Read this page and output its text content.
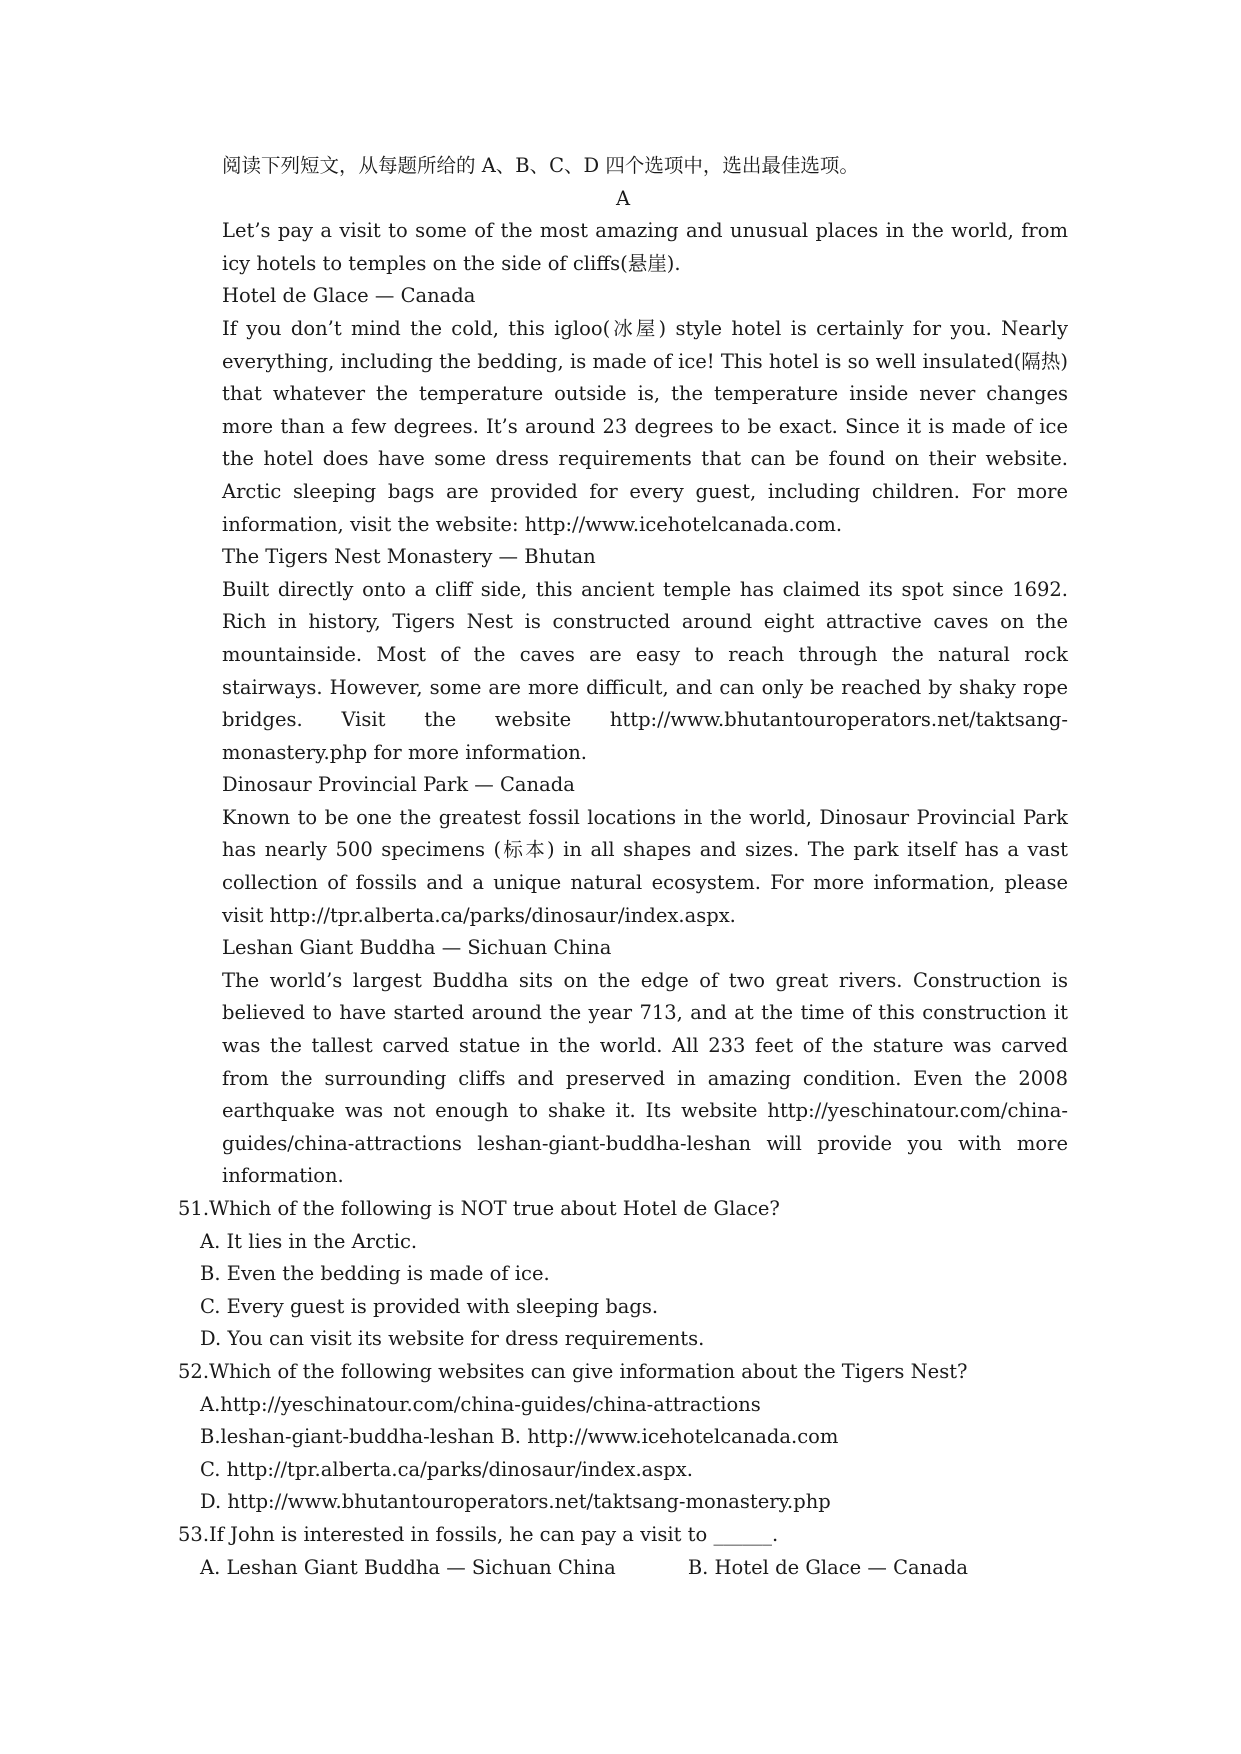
阅读下列短文，从每题所给的 A、B、C、D 四个选项中，选出最佳选项。

A

Let’s pay a visit to some of the most amazing and unusual places in the world, from icy hotels to temples on the side of cliffs(悬崖).

Hotel de Glace — Canada

If you don’t mind the cold, this igloo(冰屋) style hotel is certainly for you. Nearly everything, including the bedding, is made of ice! This hotel is so well insulated(隔热) that whatever the temperature outside is, the temperature inside never changes more than a few degrees. It’s around 23 degrees to be exact. Since it is made of ice the hotel does have some dress requirements that can be found on their website. Arctic sleeping bags are provided for every guest, including children. For more information, visit the website: http://www.icehotelcanada.com.

The Tigers Nest Monastery — Bhutan

Built directly onto a cliff side, this ancient temple has claimed its spot since 1692. Rich in history, Tigers Nest is constructed around eight attractive caves on the mountainside. Most of the caves are easy to reach through the natural rock stairways. However, some are more difficult, and can only be reached by shaky rope bridges. Visit the website http://www.bhutantouroperators.net/taktsang-monastery.php for more information.

Dinosaur Provincial Park — Canada

Known to be one the greatest fossil locations in the world, Dinosaur Provincial Park has nearly 500 specimens (标本) in all shapes and sizes. The park itself has a vast collection of fossils and a unique natural ecosystem. For more information, please visit http://tpr.alberta.ca/parks/dinosaur/index.aspx.

Leshan Giant Buddha — Sichuan China

The world’s largest Buddha sits on the edge of two great rivers. Construction is believed to have started around the year 713, and at the time of this construction it was the tallest carved statue in the world. All 233 feet of the stature was carved from the surrounding cliffs and preserved in amazing condition. Even the 2008 earthquake was not enough to shake it. Its website http://yeschinatour.com/china-guides/china-attractions leshan-giant-buddha-leshan will provide you with more information.

51.Which of the following is NOT true about Hotel de Glace?

A. It lies in the Arctic.

B. Even the bedding is made of ice.

C. Every guest is provided with sleeping bags.

D. You can visit its website for dress requirements.

52.Which of the following websites can give information about the Tigers Nest?

A.http://yeschinatour.com/china-guides/china-attractions

B.leshan-giant-buddha-leshan B. http://www.icehotelcanada.com

C. http://tpr.alberta.ca/parks/dinosaur/index.aspx.

D. http://www.bhutantouroperators.net/taktsang-monastery.php

53.If John is interested in fossils, he can pay a visit to ______.

A. Leshan Giant Buddha — Sichuan China	B. Hotel de Glace — Canada
